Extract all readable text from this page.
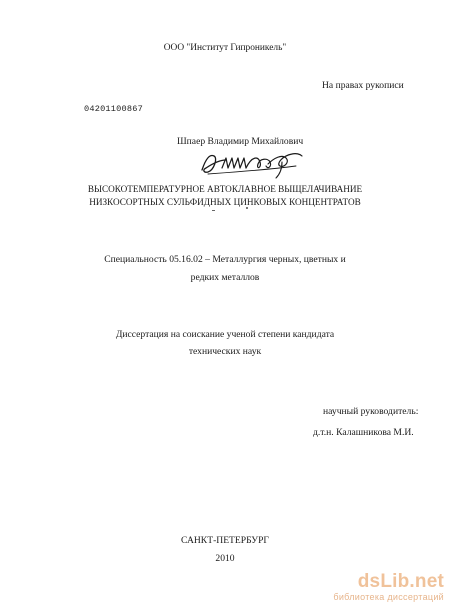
ООО "Институт Гипроникель"
На правах рукописи
04201100867
Шпаер Владимир Михайлович
ВЫСОКОТЕМПЕРАТУРНОЕ АВТОКЛАВНОЕ ВЫЩЕЛАЧИВАНИЕ
НИЗКОСОРТНЫХ СУЛЬФИДНЫХ ЦИНКОВЫХ КОНЦЕНТРАТОВ
Специальность 05.16.02 – Металлургия черных, цветных и
редких металлов
Диссертация на соискание ученой степени кандидата
технических наук
научный руководитель:
д.т.н. Калашникова М.И.
САНКТ-ПЕТЕРБУРГ
2010
dsLib.net
библиотека диссертаций
